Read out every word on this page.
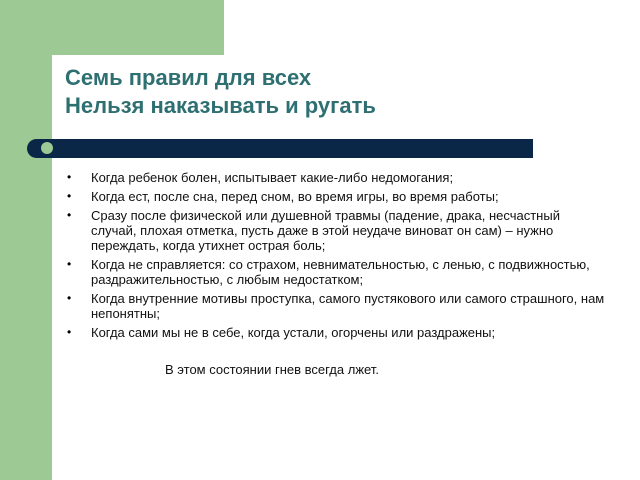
Семь правил для всех
Нельзя наказывать и ругать
• Когда ребенок болен, испытывает какие-либо недомогания;
• Когда ест, после сна, перед сном, во время игры, во время работы;
• Сразу после физической или душевной травмы (падение, драка, несчастный случай, плохая отметка, пусть даже в этой неудаче виноват он сам) – нужно переждать, когда утихнет острая боль;
• Когда не справляется: со страхом, невнимательностью, с ленью, с подвижностью, раздражительностью, с любым недостатком;
• Когда внутренние мотивы проступка, самого пустякового или самого страшного, нам непонятны;
• Когда сами мы не в себе, когда устали, огорчены или раздражены;
В этом состоянии гнев всегда лжет.
